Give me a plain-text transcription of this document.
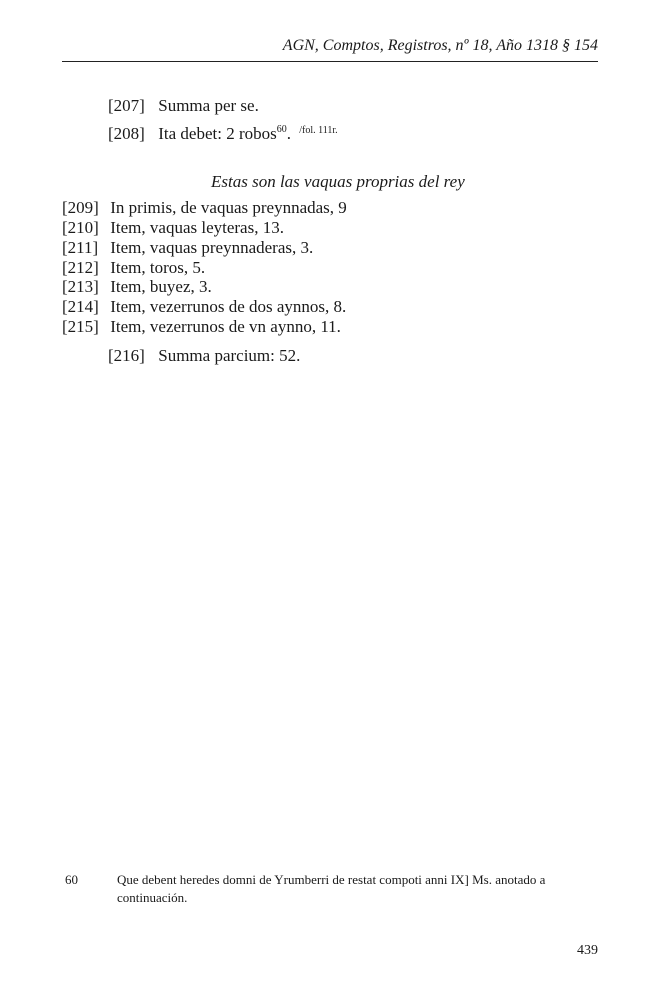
AGN, Comptos, Registros, nº 18, Año 1318 § 154
[207] Summa per se.
[208] Ita debet: 2 robos$^{60}$. $^{/fol. 111r.}$
Estas son las vaquas proprias del rey
[209] In primis, de vaquas preynnadas, 9
[210] Item, vaquas leyteras, 13.
[211] Item, vaquas preynnaderas, 3.
[212] Item, toros, 5.
[213] Item, buyez, 3.
[214] Item, vezerrunos de dos aynnos, 8.
[215] Item, vezerrunos de vn aynno, 11.
[216] Summa parcium: 52.
60	Que debent heredes domni de Yrumberri de restat compoti anni IX] Ms. anotado a continuación.
439
